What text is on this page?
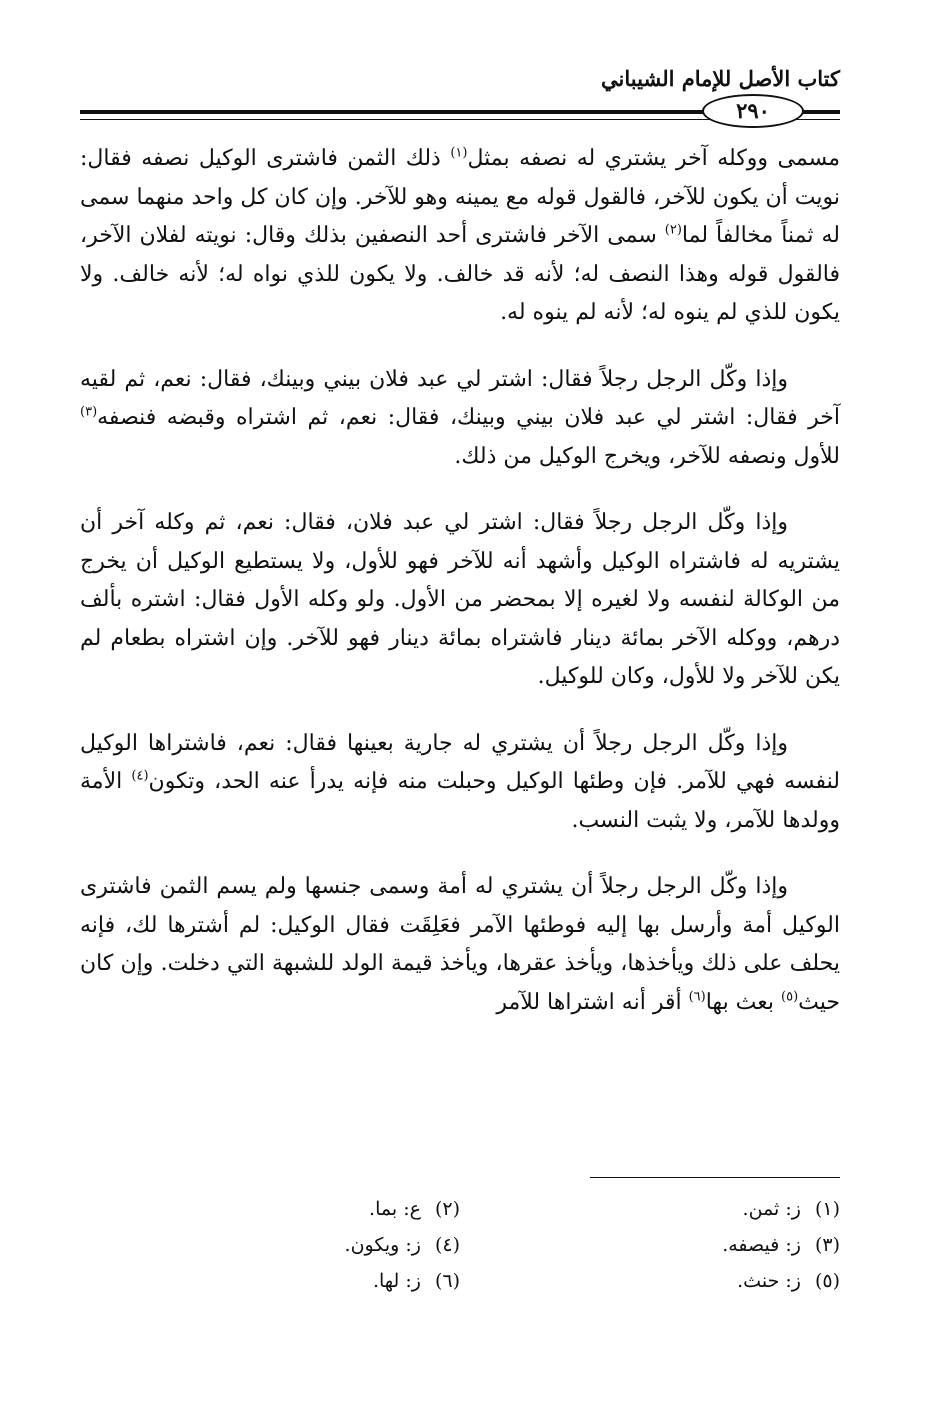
كتاب الأصل للإمام الشيباني
٢٩٠

مسمى ووكله آخر يشتري له نصفه بمثل$^{(١)}$ ذلك الثمن فاشترى الوكيل نصفه فقال: نويت أن يكون للآخر، فالقول قوله مع يمينه وهو للآخر. وإن كان كل واحد منهما سمى له ثمناً مخالفاً لما$^{(٢)}$ سمى الآخر فاشترى أحد النصفين بذلك وقال: نويته لفلان الآخر، فالقول قوله وهذا النصف له؛ لأنه قد خالف. ولا يكون للذي نواه له؛ لأنه خالف. ولا يكون للذي لم ينوه له؛ لأنه لم ينوه له.

وإذا وكّل الرجل رجلاً فقال: اشتر لي عبد فلان بيني وبينك، فقال: نعم، ثم لقيه آخر فقال: اشتر لي عبد فلان بيني وبينك، فقال: نعم، ثم اشتراه وقبضه فنصفه$^{(٣)}$ للأول ونصفه للآخر، ويخرج الوكيل من ذلك.

وإذا وكّل الرجل رجلاً فقال: اشتر لي عبد فلان، فقال: نعم، ثم وكله آخر أن يشتريه له فاشتراه الوكيل وأشهد أنه للآخر فهو للأول، ولا يستطيع الوكيل أن يخرج من الوكالة لنفسه ولا لغيره إلا بمحضر من الأول. ولو وكله الأول فقال: اشتره بألف درهم، ووكله الآخر بمائة دينار فاشتراه بمائة دينار فهو للآخر. وإن اشتراه بطعام لم يكن للآخر ولا للأول، وكان للوكيل.

وإذا وكّل الرجل رجلاً أن يشتري له جارية بعينها فقال: نعم، فاشتراها الوكيل لنفسه فهي للآمر. فإن وطئها الوكيل وحبلت منه فإنه يدرأ عنه الحد، وتكون$^{(٤)}$ الأمة وولدها للآمر، ولا يثبت النسب.

وإذا وكّل الرجل رجلاً أن يشتري له أمة وسمى جنسها ولم يسم الثمن فاشترى الوكيل أمة وأرسل بها إليه فوطئها الآمر فعَلِقَت فقال الوكيل: لم أشترها لك، فإنه يحلف على ذلك ويأخذها، ويأخذ عقرها، ويأخذ قيمة الولد للشبهة التي دخلت. وإن كان حيث$^{(٥)}$ بعث بها$^{(٦)}$ أقر أنه اشتراها للآمر

(١)ز: ثمن.
(٢)ع: بما.
(٣)ز: فيصفه.
(٤)ز: ويكون.
(٥)ز: حنث.
(٦)ز: لها.
